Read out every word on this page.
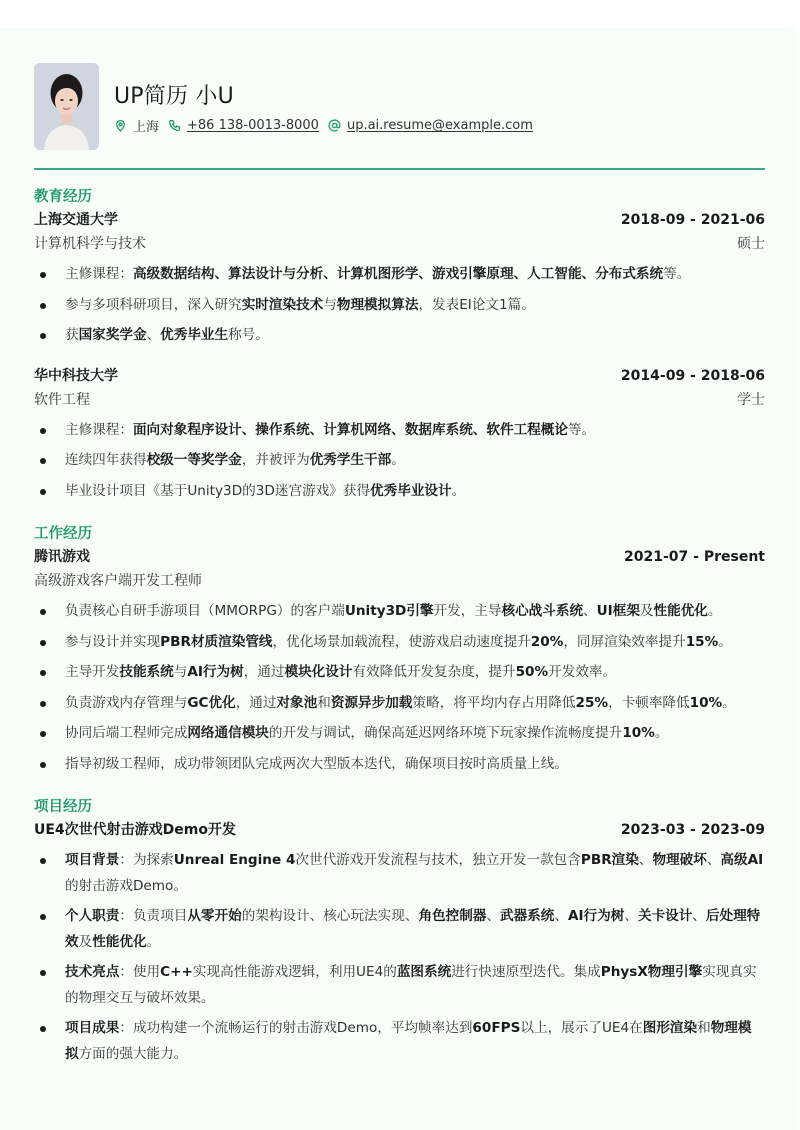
UP简历 小U
上海 +86 138-0013-8000 up.ai.resume@example.com
教育经历
上海交通大学	2018-09 - 2021-06
计算机科学与技术	硕士
主修课程：高级数据结构、算法设计与分析、计算机图形学、游戏引擎原理、人工智能、分布式系统等。
参与多项科研项目，深入研究实时渲染技术与物理模拟算法，发表EI论文1篇。
获国家奖学金、优秀毕业生称号。
华中科技大学	2014-09 - 2018-06
软件工程	学士
主修课程：面向对象程序设计、操作系统、计算机网络、数据库系统、软件工程概论等。
连续四年获得校级一等奖学金，并被评为优秀学生干部。
毕业设计项目《基于Unity3D的3D迷宫游戏》获得优秀毕业设计。
工作经历
腾讯游戏	2021-07 - Present
高级游戏客户端开发工程师
负责核心自研手游项目（MMORPG）的客户端Unity3D引擎开发，主导核心战斗系统、UI框架及性能优化。
参与设计并实现PBR材质渲染管线，优化场景加载流程，使游戏启动速度提升20%，同屏渲染效率提升15%。
主导开发技能系统与AI行为树，通过模块化设计有效降低开发复杂度，提升50%开发效率。
负责游戏内存管理与GC优化，通过对象池和资源异步加载策略，将平均内存占用降低25%，卡顿率降低10%。
协同后端工程师完成网络通信模块的开发与调试，确保高延迟网络环境下玩家操作流畅度提升10%。
指导初级工程师，成功带领团队完成两次大型版本迭代，确保项目按时高质量上线。
项目经历
UE4次世代射击游戏Demo开发	2023-03 - 2023-09
项目背景：为探索Unreal Engine 4次世代游戏开发流程与技术，独立开发一款包含PBR渲染、物理破坏、高级AI的射击游戏Demo。
个人职责：负责项目从零开始的架构设计、核心玩法实现、角色控制器、武器系统、AI行为树、关卡设计、后处理特效及性能优化。
技术亮点：使用C++实现高性能游戏逻辑，利用UE4的蓝图系统进行快速原型迭代。集成PhysX物理引擎实现真实的物理交互与破坏效果。
项目成果：成功构建一个流畅运行的射击游戏Demo，平均帧率达到60FPS以上，展示了UE4在图形渲染和物理模拟方面的强大能力。
